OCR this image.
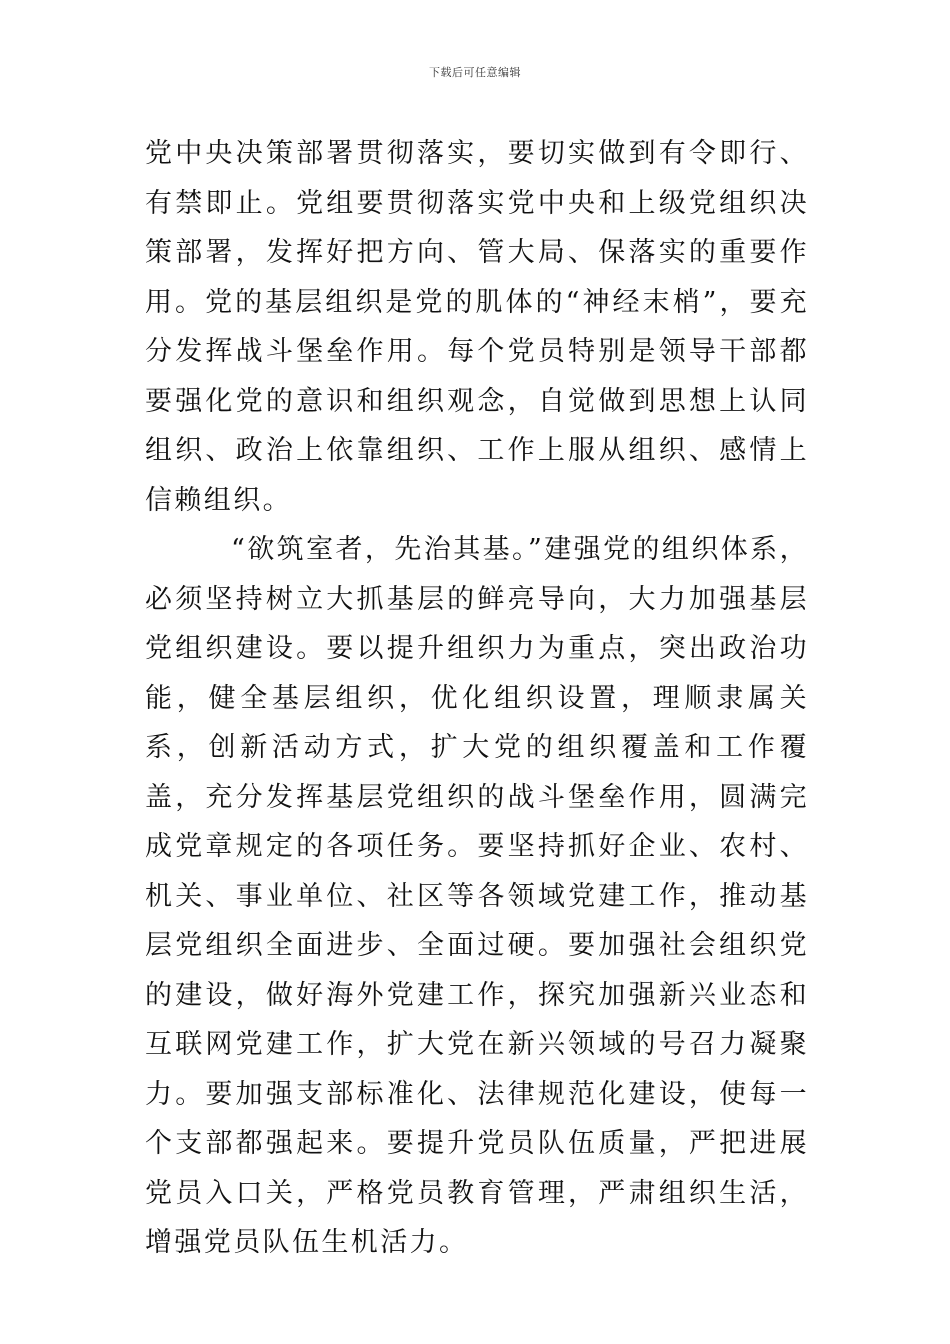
下载后可任意编辑

党中央决策部署贯彻落实，要切实做到有令即行、有禁即止。党组要贯彻落实党中央和上级党组织决策部署，发挥好把方向、管大局、保落实的重要作用。党的基层组织是党的肌体的“神经末梢”，要充分发挥战斗堡垒作用。每个党员特别是领导干部都要强化党的意识和组织观念，自觉做到思想上认同组织、政治上依靠组织、工作上服从组织、感情上信赖组织。

“欲筑室者，先治其基。”建强党的组织体系，必须坚持树立大抓基层的鲜亮导向，大力加强基层党组织建设。要以提升组织力为重点，突出政治功能，健全基层组织，优化组织设置，理顺隶属关系，创新活动方式，扩大党的组织覆盖和工作覆盖，充分发挥基层党组织的战斗堡垒作用，圆满完成党章规定的各项任务。要坚持抓好企业、农村、机关、事业单位、社区等各领域党建工作，推动基层党组织全面进步、全面过硬。要加强社会组织党的建设，做好海外党建工作，探究加强新兴业态和互联网党建工作，扩大党在新兴领域的号召力凝聚力。要加强支部标准化、法律规范化建设，使每一个支部都强起来。要提升党员队伍质量，严把进展党员入口关，严格党员教育管理，严肃组织生活，增强党员队伍生机活力。
